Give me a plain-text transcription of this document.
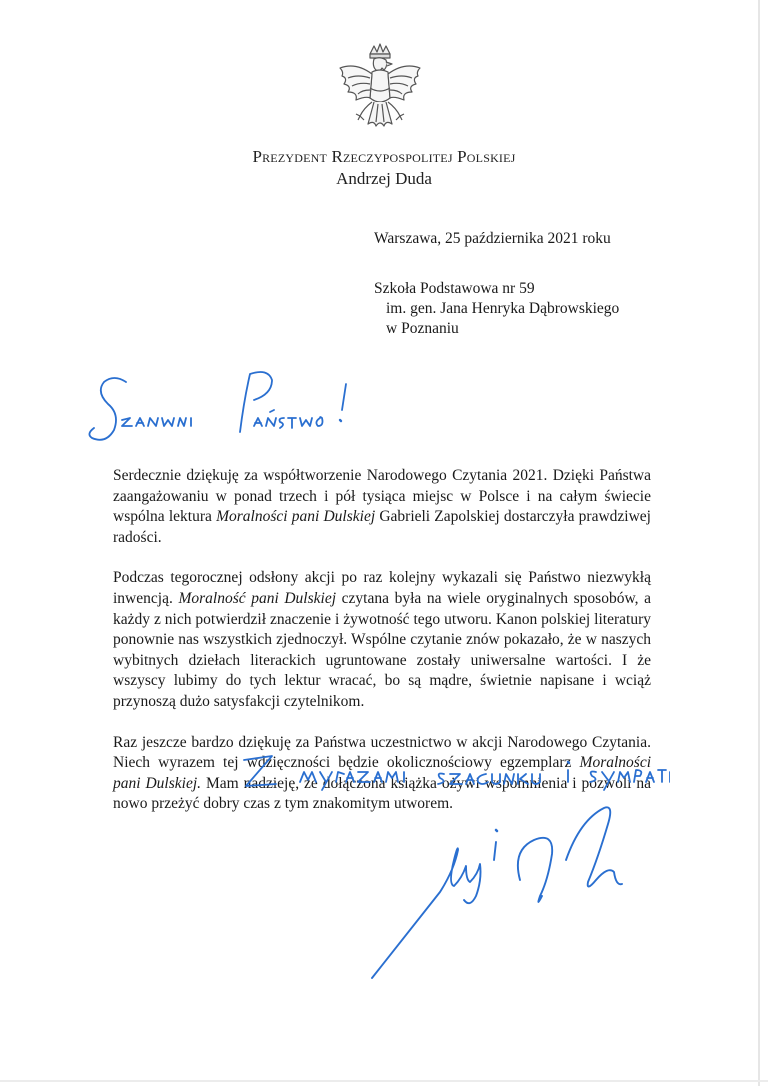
Prezydent Rzeczypospolitej Polskiej
Andrzej Duda
Warszawa, 25 października 2021 roku
Szkoła Podstawowa nr 59
im. gen. Jana Henryka Dąbrowskiego
w Poznaniu

Serdecznie dziękuję za współtworzenie Narodowego Czytania 2021. Dzięki Państwa zaangażowaniu w ponad trzech i pół tysiąca miejsc w Polsce i na całym świecie wspólna lektura Moralności pani Dulskiej Gabrieli Zapolskiej dostarczyła prawdziwej radości.

Podczas tegorocznej odsłony akcji po raz kolejny wykazali się Państwo niezwykłą inwencją. Moralność pani Dulskiej czytana była na wiele oryginalnych sposobów, a każdy z nich potwierdził znaczenie i żywotność tego utworu. Kanon polskiej literatury ponownie nas wszystkich zjednoczył. Wspólne czytanie znów pokazało, że w naszych wybitnych dziełach literackich ugruntowane zostały uniwersalne wartości. I że wszyscy lubimy do tych lektur wracać, bo są mądre, świetnie napisane i wciąż przynoszą dużo satysfakcji czytelnikom.

Raz jeszcze bardzo dziękuję za Państwa uczestnictwo w akcji Narodowego Czytania. Niech wyrazem tej wdzięczności będzie okolicznościowy egzemplarz Moralności pani Dulskiej. Mam nadzieję, że dołączona książka ożywi wspomnienia i pozwoli na nowo przeżyć dobry czas z tym znakomitym utworem.
